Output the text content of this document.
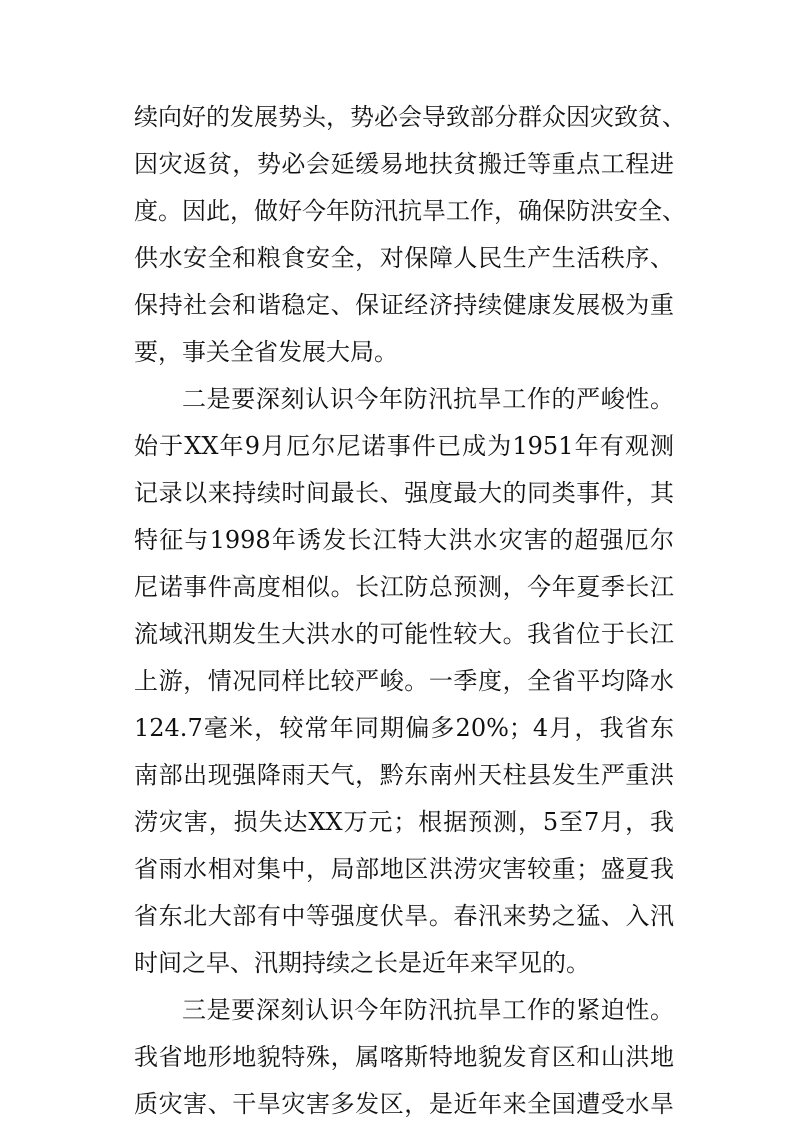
续向好的发展势头，势必会导致部分群众因灾致贫、
因灾返贫，势必会延缓易地扶贫搬迁等重点工程进
度。因此，做好今年防汛抗旱工作，确保防洪安全、
供水安全和粮食安全，对保障人民生产生活秩序、
保持社会和谐稳定、保证经济持续健康发展极为重
要，事关全省发展大局。
二是要深刻认识今年防汛抗旱工作的严峻性。
始于XX年9月厄尔尼诺事件已成为1951年有观测
记录以来持续时间最长、强度最大的同类事件，其
特征与1998年诱发长江特大洪水灾害的超强厄尔
尼诺事件高度相似。长江防总预测，今年夏季长江
流域汛期发生大洪水的可能性较大。我省位于长江
上游，情况同样比较严峻。一季度，全省平均降水
124.7毫米，较常年同期偏多20%；4月，我省东
南部出现强降雨天气，黔东南州天柱县发生严重洪
涝灾害，损失达XX万元；根据预测，5至7月，我
省雨水相对集中，局部地区洪涝灾害较重；盛夏我
省东北大部有中等强度伏旱。春汛来势之猛、入汛
时间之早、汛期持续之长是近年来罕见的。
三是要深刻认识今年防汛抗旱工作的紧迫性。
我省地形地貌特殊，属喀斯特地貌发育区和山洪地
质灾害、干旱灾害多发区，是近年来全国遭受水旱
